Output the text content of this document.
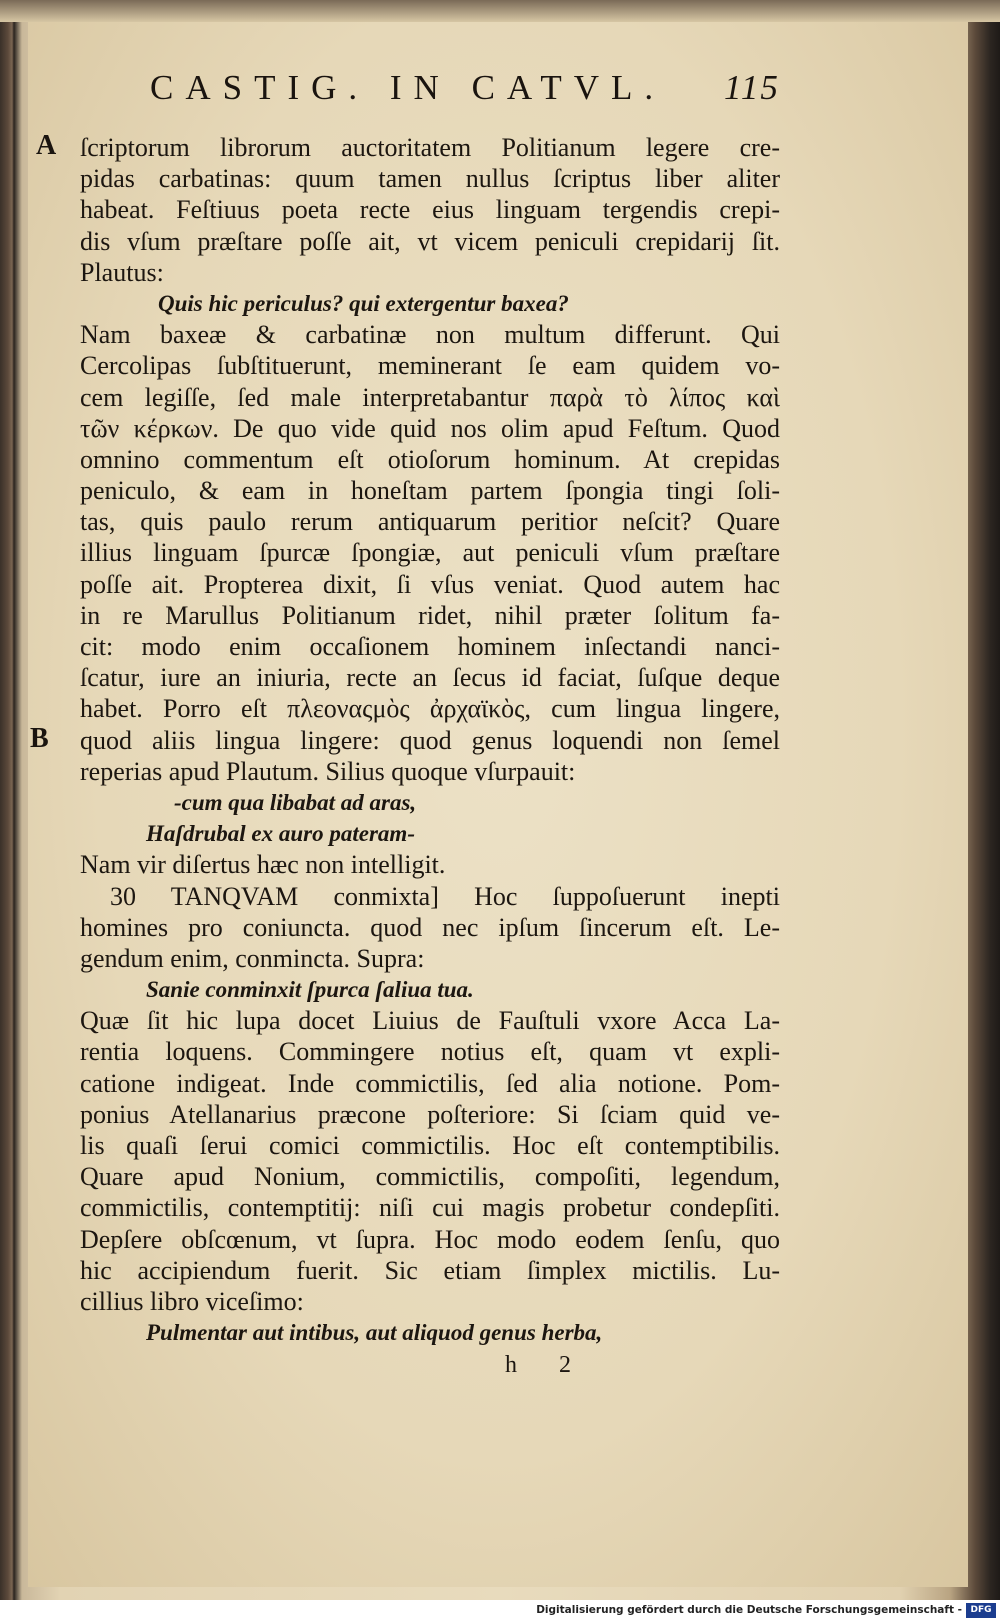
CASTIG. IN CATVL. 115
A
B
ſcriptorum librorum auctoritatem Politianum legere cre-
pidas carbatinas: quum tamen nullus ſcriptus liber aliter
habeat. Feſtiuus poeta recte eius linguam tergendis crepi-
dis vſum præſtare poſſe ait, vt vicem peniculi crepidarij ſit.
Plautus:
Quis hic periculus? qui extergentur baxea?
Nam baxeæ & carbatinæ non multum differunt. Qui
Cercolipas ſubſtituerunt, meminerant ſe eam quidem vo-
cem legiſſe, ſed male interpretabantur παρὰ τὸ λίπος καὶ
τῶν κέρκων. De quo vide quid nos olim apud Feſtum. Quod
omnino commentum eſt otioſorum hominum. At crepidas
peniculo, & eam in honeſtam partem ſpongia tingi ſoli-
tas, quis paulo rerum antiquarum peritior neſcit? Quare
illius linguam ſpurcæ ſpongiæ, aut peniculi vſum præſtare
poſſe ait. Propterea dixit, ſi vſus veniat. Quod autem hac
in re Marullus Politianum ridet, nihil præter ſolitum fa-
cit: modo enim occaſionem hominem inſectandi nanci-
ſcatur, iure an iniuria, recte an ſecus id faciat, ſuſque deque
habet. Porro eſt πλεοναςμὸς ἀρχαϊκὸς, cum lingua lingere,
quod aliis lingua lingere: quod genus loquendi non ſemel
reperias apud Plautum. Silius quoque vſurpauit:
-cum qua libabat ad aras,
Haſdrubal ex auro pateram-
Nam vir diſertus hæc non intelligit.
30 TANQVAM conmixta] Hoc ſuppoſuerunt inepti
homines pro coniuncta. quod nec ipſum ſincerum eſt. Le-
gendum enim, conmincta. Supra:
Sanie conminxit ſpurca ſaliua tua.
Quæ ſit hic lupa docet Liuius de Fauſtuli vxore Acca La-
rentia loquens. Commingere notius eſt, quam vt expli-
catione indigeat. Inde commictilis, ſed alia notione. Pom-
ponius Atellanarius præcone poſteriore: Si ſciam quid ve-
lis quaſi ſerui comici commictilis. Hoc eſt contemptibilis.
Quare apud Nonium, commictilis, compoſiti, legendum,
commictilis, contemptitij: niſi cui magis probetur condepſiti.
Depſere obſcœnum, vt ſupra. Hoc modo eodem ſenſu, quo
hic accipiendum fuerit. Sic etiam ſimplex mictilis. Lu-
cillius libro viceſimo:
Pulmentar aut intibus, aut aliquod genus herba,
h 2
Digitalisierung gefördert durch die Deutsche Forschungsgemeinschaft - DFG
